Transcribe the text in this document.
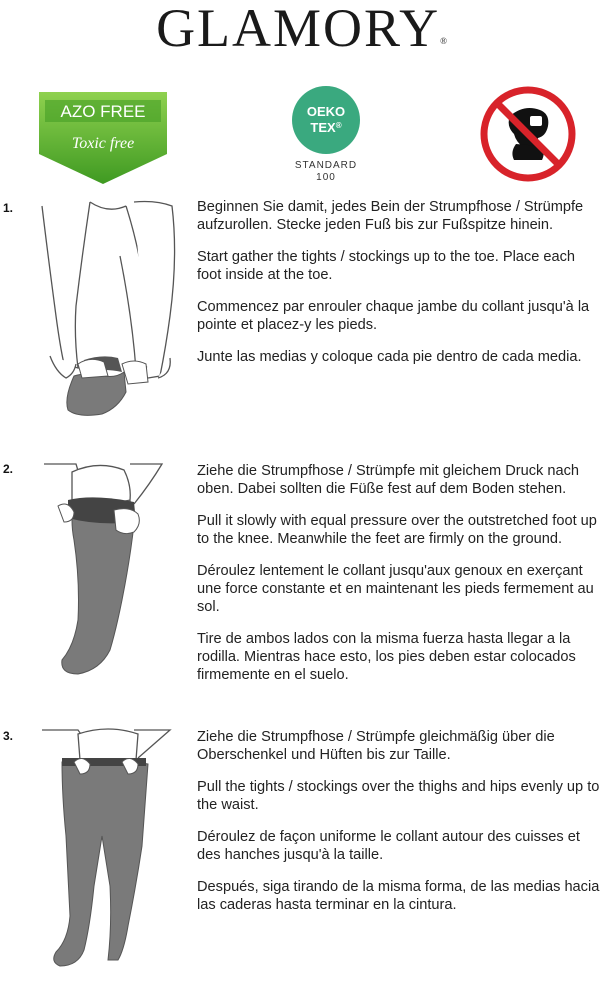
GLAMORY®
AZO FREE
Toxic free
OEKO
TEX®
STANDARD
100
1.	Beginnen Sie damit, jedes Bein der Strumpfhose / Strümpfe aufzurollen. Stecke jeden Fuß bis zur Fußspitze hinein.

Start gather the tights / stockings up to the toe. Place each foot inside at the toe.

Commencez par enrouler chaque jambe du collant jusqu'à la pointe et placez-y les pieds.

Junte las medias y coloque cada pie dentro de cada media.

2.	Ziehe die Strumpfhose / Strümpfe mit gleichem Druck nach oben. Dabei sollten die Füße fest auf dem Boden stehen.

Pull it slowly with equal pressure over the outstretched foot up to the knee. Meanwhile the feet are firmly on the ground.

Déroulez lentement le collant jusqu'aux genoux en exerçant une force constante et en maintenant les pieds fermement au sol.

Tire de ambos lados con la misma fuerza hasta llegar a la rodilla. Mientras hace esto, los pies deben estar colocados firmemente en el suelo.

3.	Ziehe die Strumpfhose / Strümpfe gleichmäßig über die Oberschenkel und Hüften bis zur Taille.

Pull the tights / stockings over the thighs and hips evenly up to the waist.

Déroulez de façon uniforme le collant autour des cuisses et des hanches jusqu'à la taille.

Después, siga tirando de la misma forma, de las medias hacia las caderas hasta terminar en la cintura.
